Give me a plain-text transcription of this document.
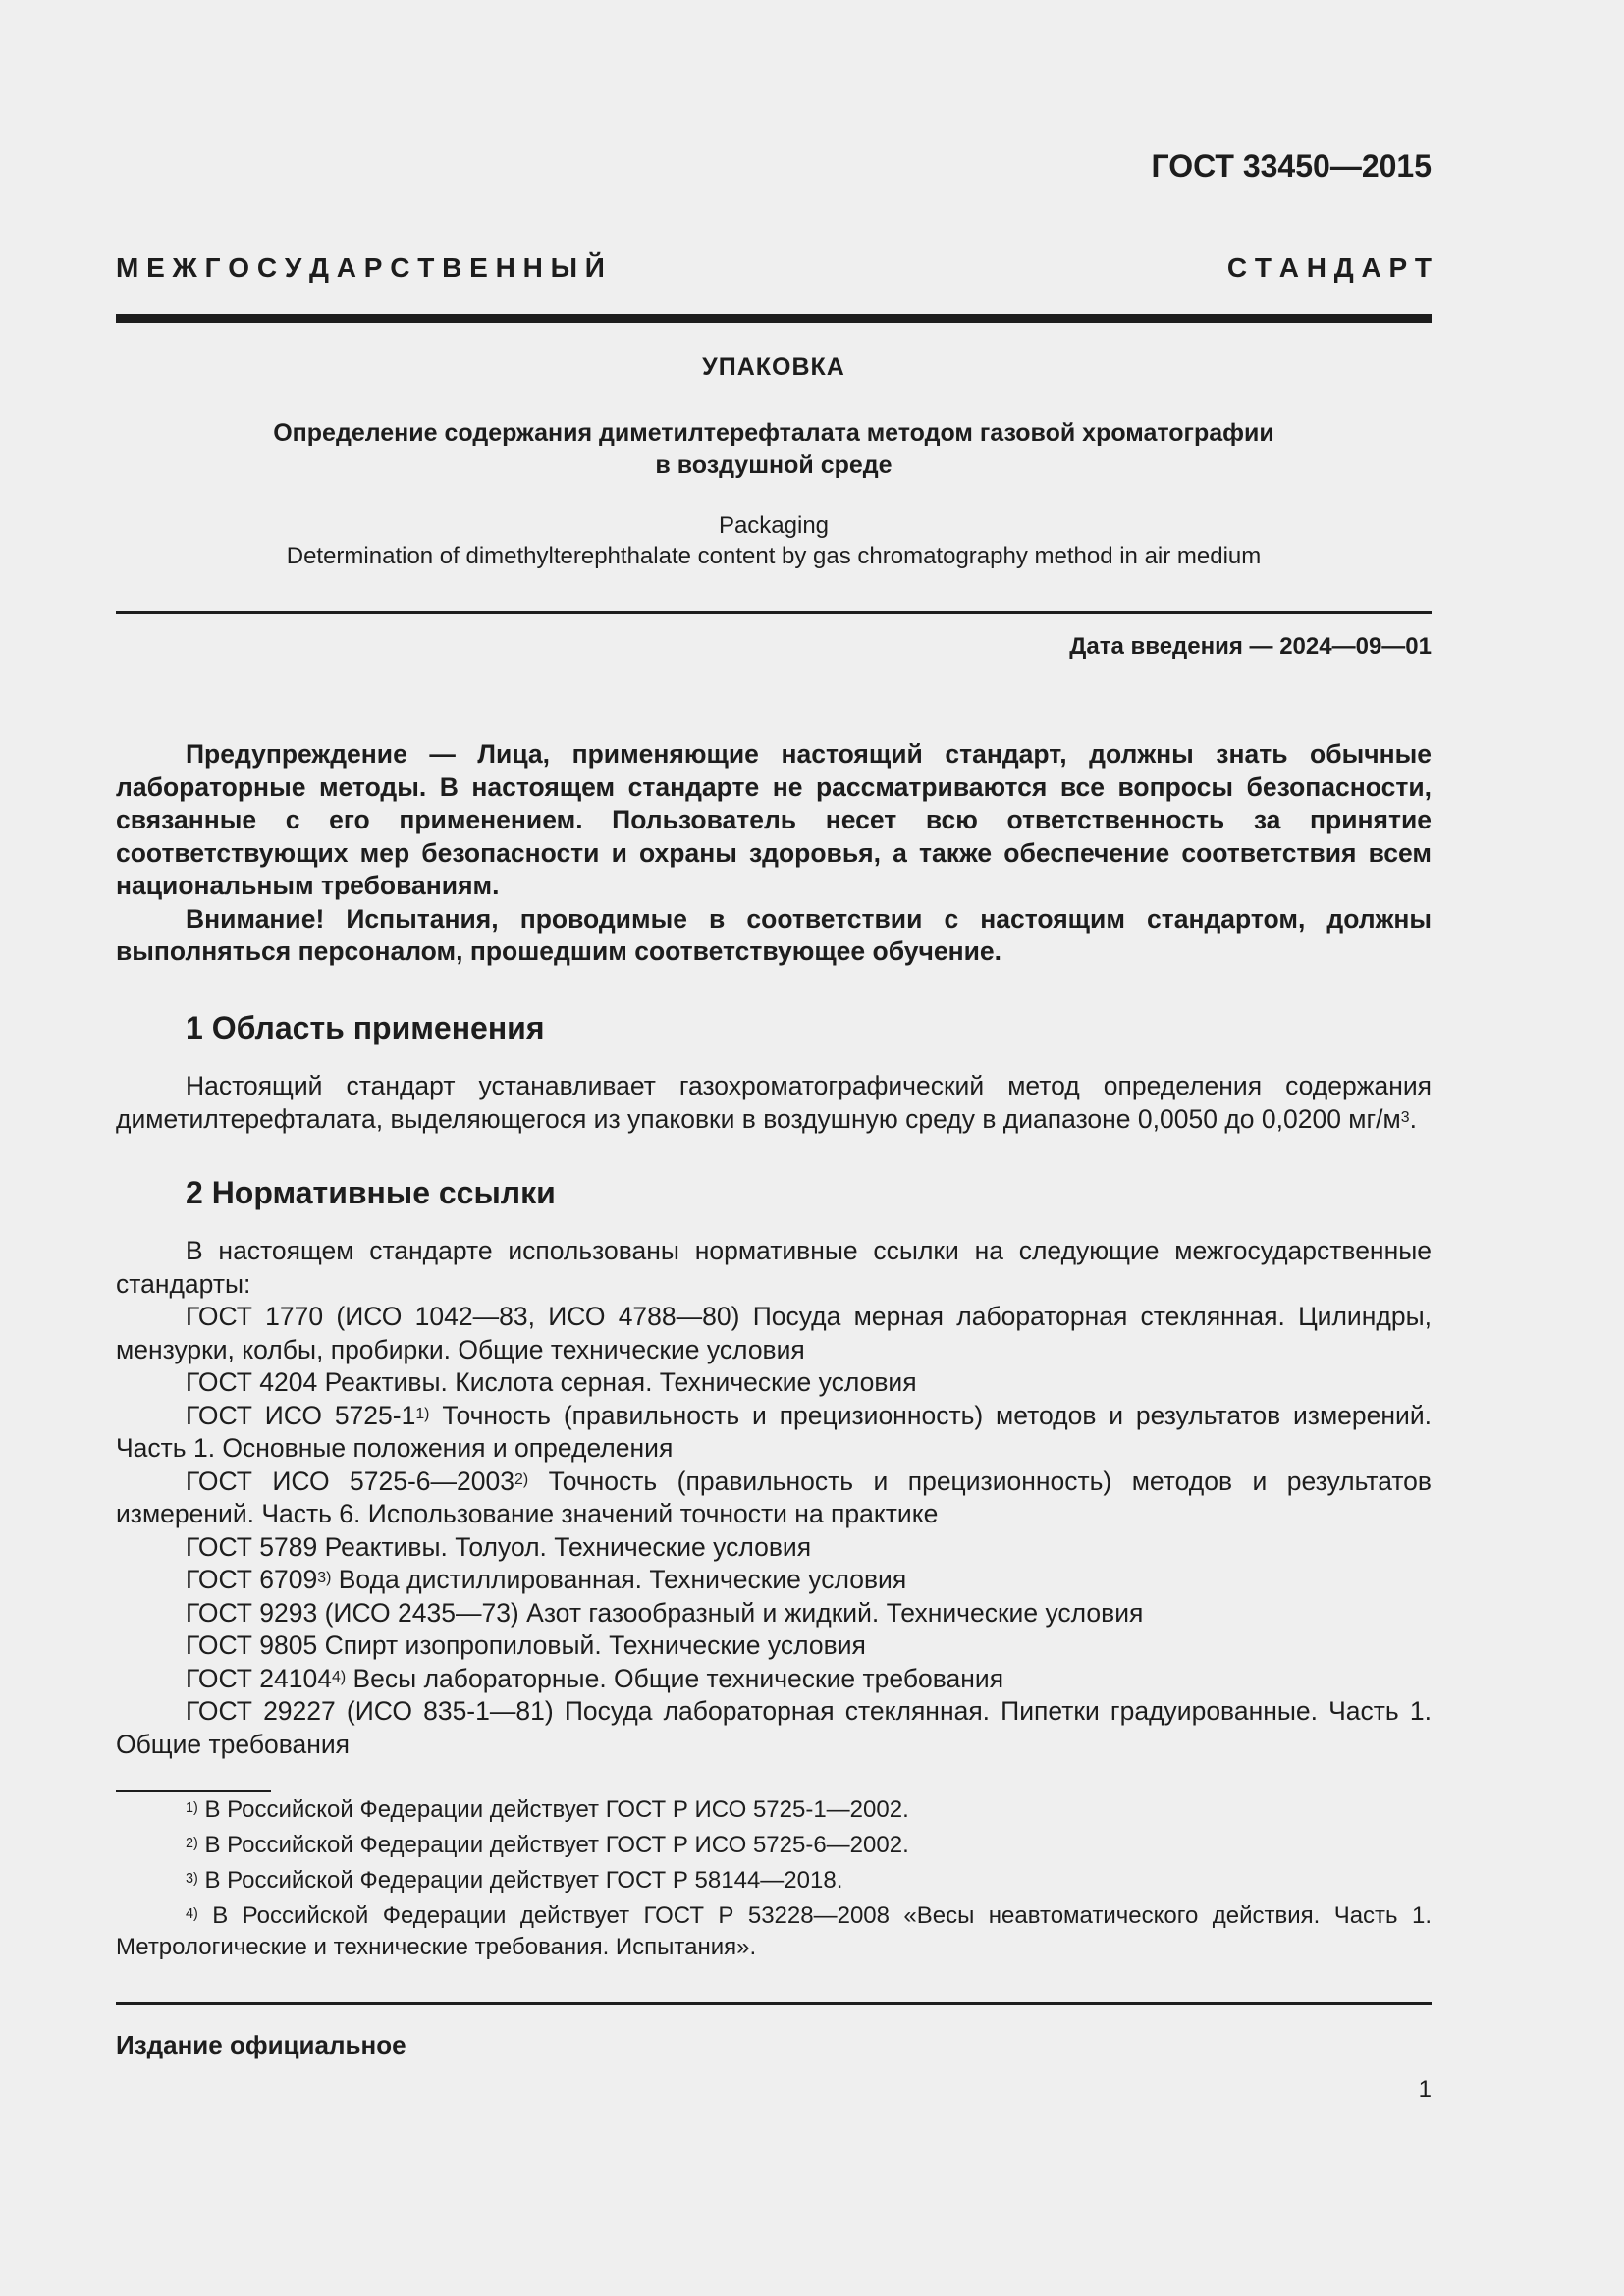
ГОСТ 33450—2015
М Е Ж Г О С У Д А Р С Т В Е Н Н Ы Й	С Т А Н Д А Р Т
УПАКОВКА
Определение содержания диметилтерефталата методом газовой хроматографии
в воздушной среде
Packaging
Determination of dimethylterephthalate content by gas chromatography method in air medium
Дата введения — 2024—09—01

Предупреждение — Лица, применяющие настоящий стандарт, должны знать обычные лабораторные методы. В настоящем стандарте не рассматриваются все вопросы безопасности, связанные с его применением. Пользователь несет всю ответственность за принятие соответствующих мер безопасности и охраны здоровья, а также обеспечение соответствия всем национальным требованиям.

Внимание! Испытания, проводимые в соответствии с настоящим стандартом, должны выполняться персоналом, прошедшим соответствующее обучение.

1 Область применения

Настоящий стандарт устанавливает газохроматографический метод определения содержания диметилтерефталата, выделяющегося из упаковки в воздушную среду в диапазоне 0,0050 до 0,0200 $мг/м^3$.

2 Нормативные ссылки

В настоящем стандарте использованы нормативные ссылки на следующие межгосударственные стандарты:

ГОСТ 1770 (ИСО 1042—83, ИСО 4788—80) Посуда мерная лабораторная стеклянная. Цилиндры, мензурки, колбы, пробирки. Общие технические условия

ГОСТ 4204 Реактивы. Кислота серная. Технические условия

ГОСТ ИСО 5725-1$^{1)}$ Точность (правильность и прецизионность) методов и результатов измерений. Часть 1. Основные положения и определения

ГОСТ ИСО 5725-6—2003$^{2)}$ Точность (правильность и прецизионность) методов и результатов измерений. Часть 6. Использование значений точности на практике

ГОСТ 5789 Реактивы. Толуол. Технические условия

ГОСТ 6709$^{3)}$ Вода дистиллированная. Технические условия

ГОСТ 9293 (ИСО 2435—73) Азот газообразный и жидкий. Технические условия

ГОСТ 9805 Спирт изопропиловый. Технические условия

ГОСТ 24104$^{4)}$ Весы лабораторные. Общие технические требования

ГОСТ 29227 (ИСО 835-1—81) Посуда лабораторная стеклянная. Пипетки градуированные. Часть 1. Общие требования

$^{1)}$ В Российской Федерации действует ГОСТ Р ИСО 5725-1—2002.

$^{2)}$ В Российской Федерации действует ГОСТ Р ИСО 5725-6—2002.

$^{3)}$ В Российской Федерации действует ГОСТ Р 58144—2018.

$^{4)}$ В Российской Федерации действует ГОСТ Р 53228—2008 «Весы неавтоматического действия. Часть 1. Метрологические и технические требования. Испытания».

Издание официальное
1
